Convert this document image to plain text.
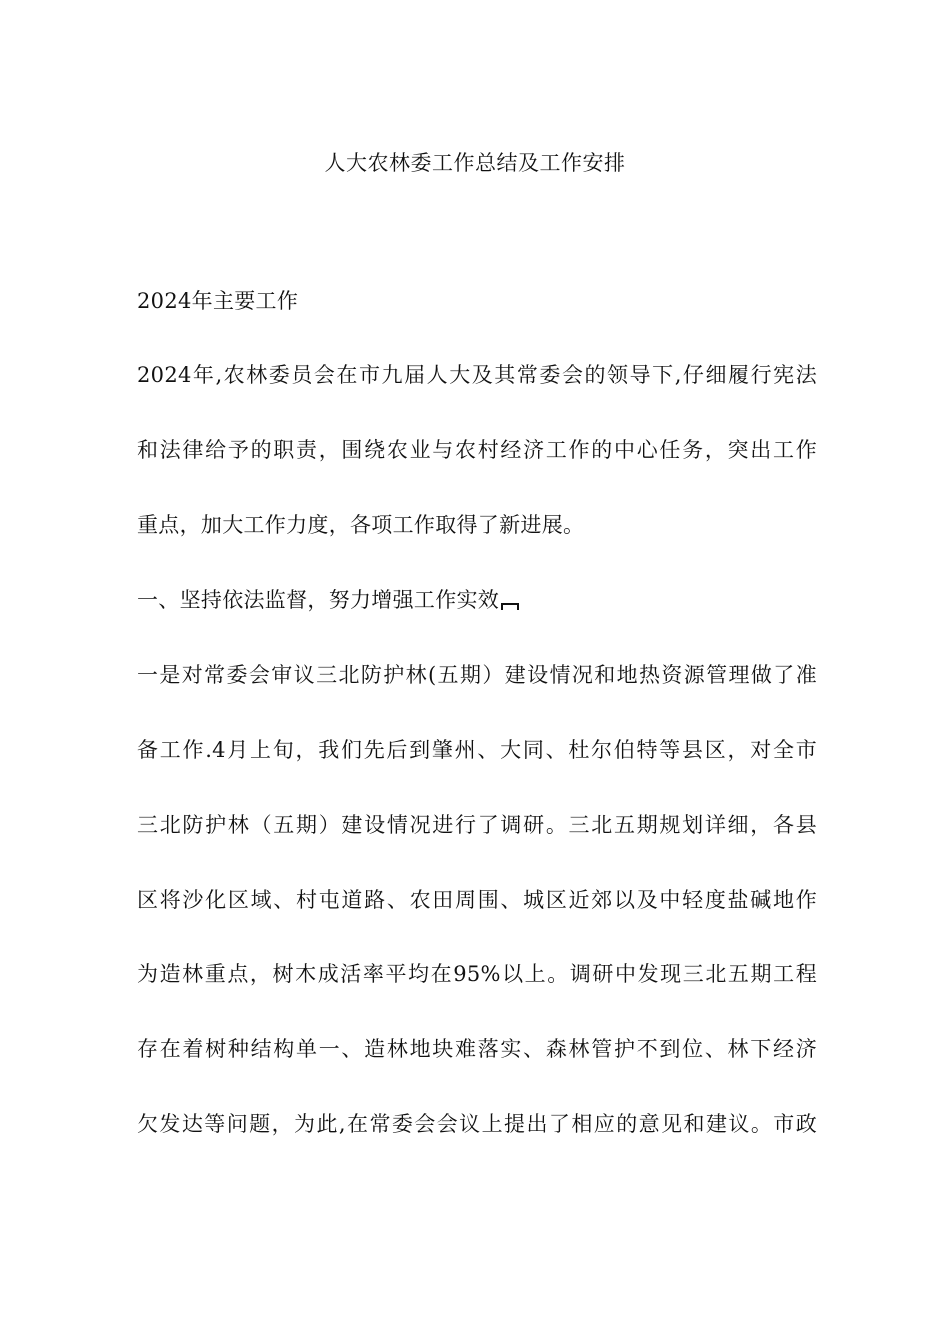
人大农林委工作总结及工作安排
2024年主要工作
2024年,农林委员会在市九届人大及其常委会的领导下,仔细履行宪法
和法律给予的职责，围绕农业与农村经济工作的中心任务，突出工作
重点，加大工作力度，各项工作取得了新进展。
一、坚持依法监督，努力增强工作实效
一是对常委会审议三北防护林(五期）建设情况和地热资源管理做了准
备工作.4月上旬，我们先后到肇州、大同、杜尔伯特等县区，对全市
三北防护林（五期）建设情况进行了调研。三北五期规划详细，各县
区将沙化区域、村屯道路、农田周围、城区近郊以及中轻度盐碱地作
为造林重点，树木成活率平均在95%以上。调研中发现三北五期工程
存在着树种结构单一、造林地块难落实、森林管护不到位、林下经济
欠发达等问题，为此,在常委会会议上提出了相应的意见和建议。市政
